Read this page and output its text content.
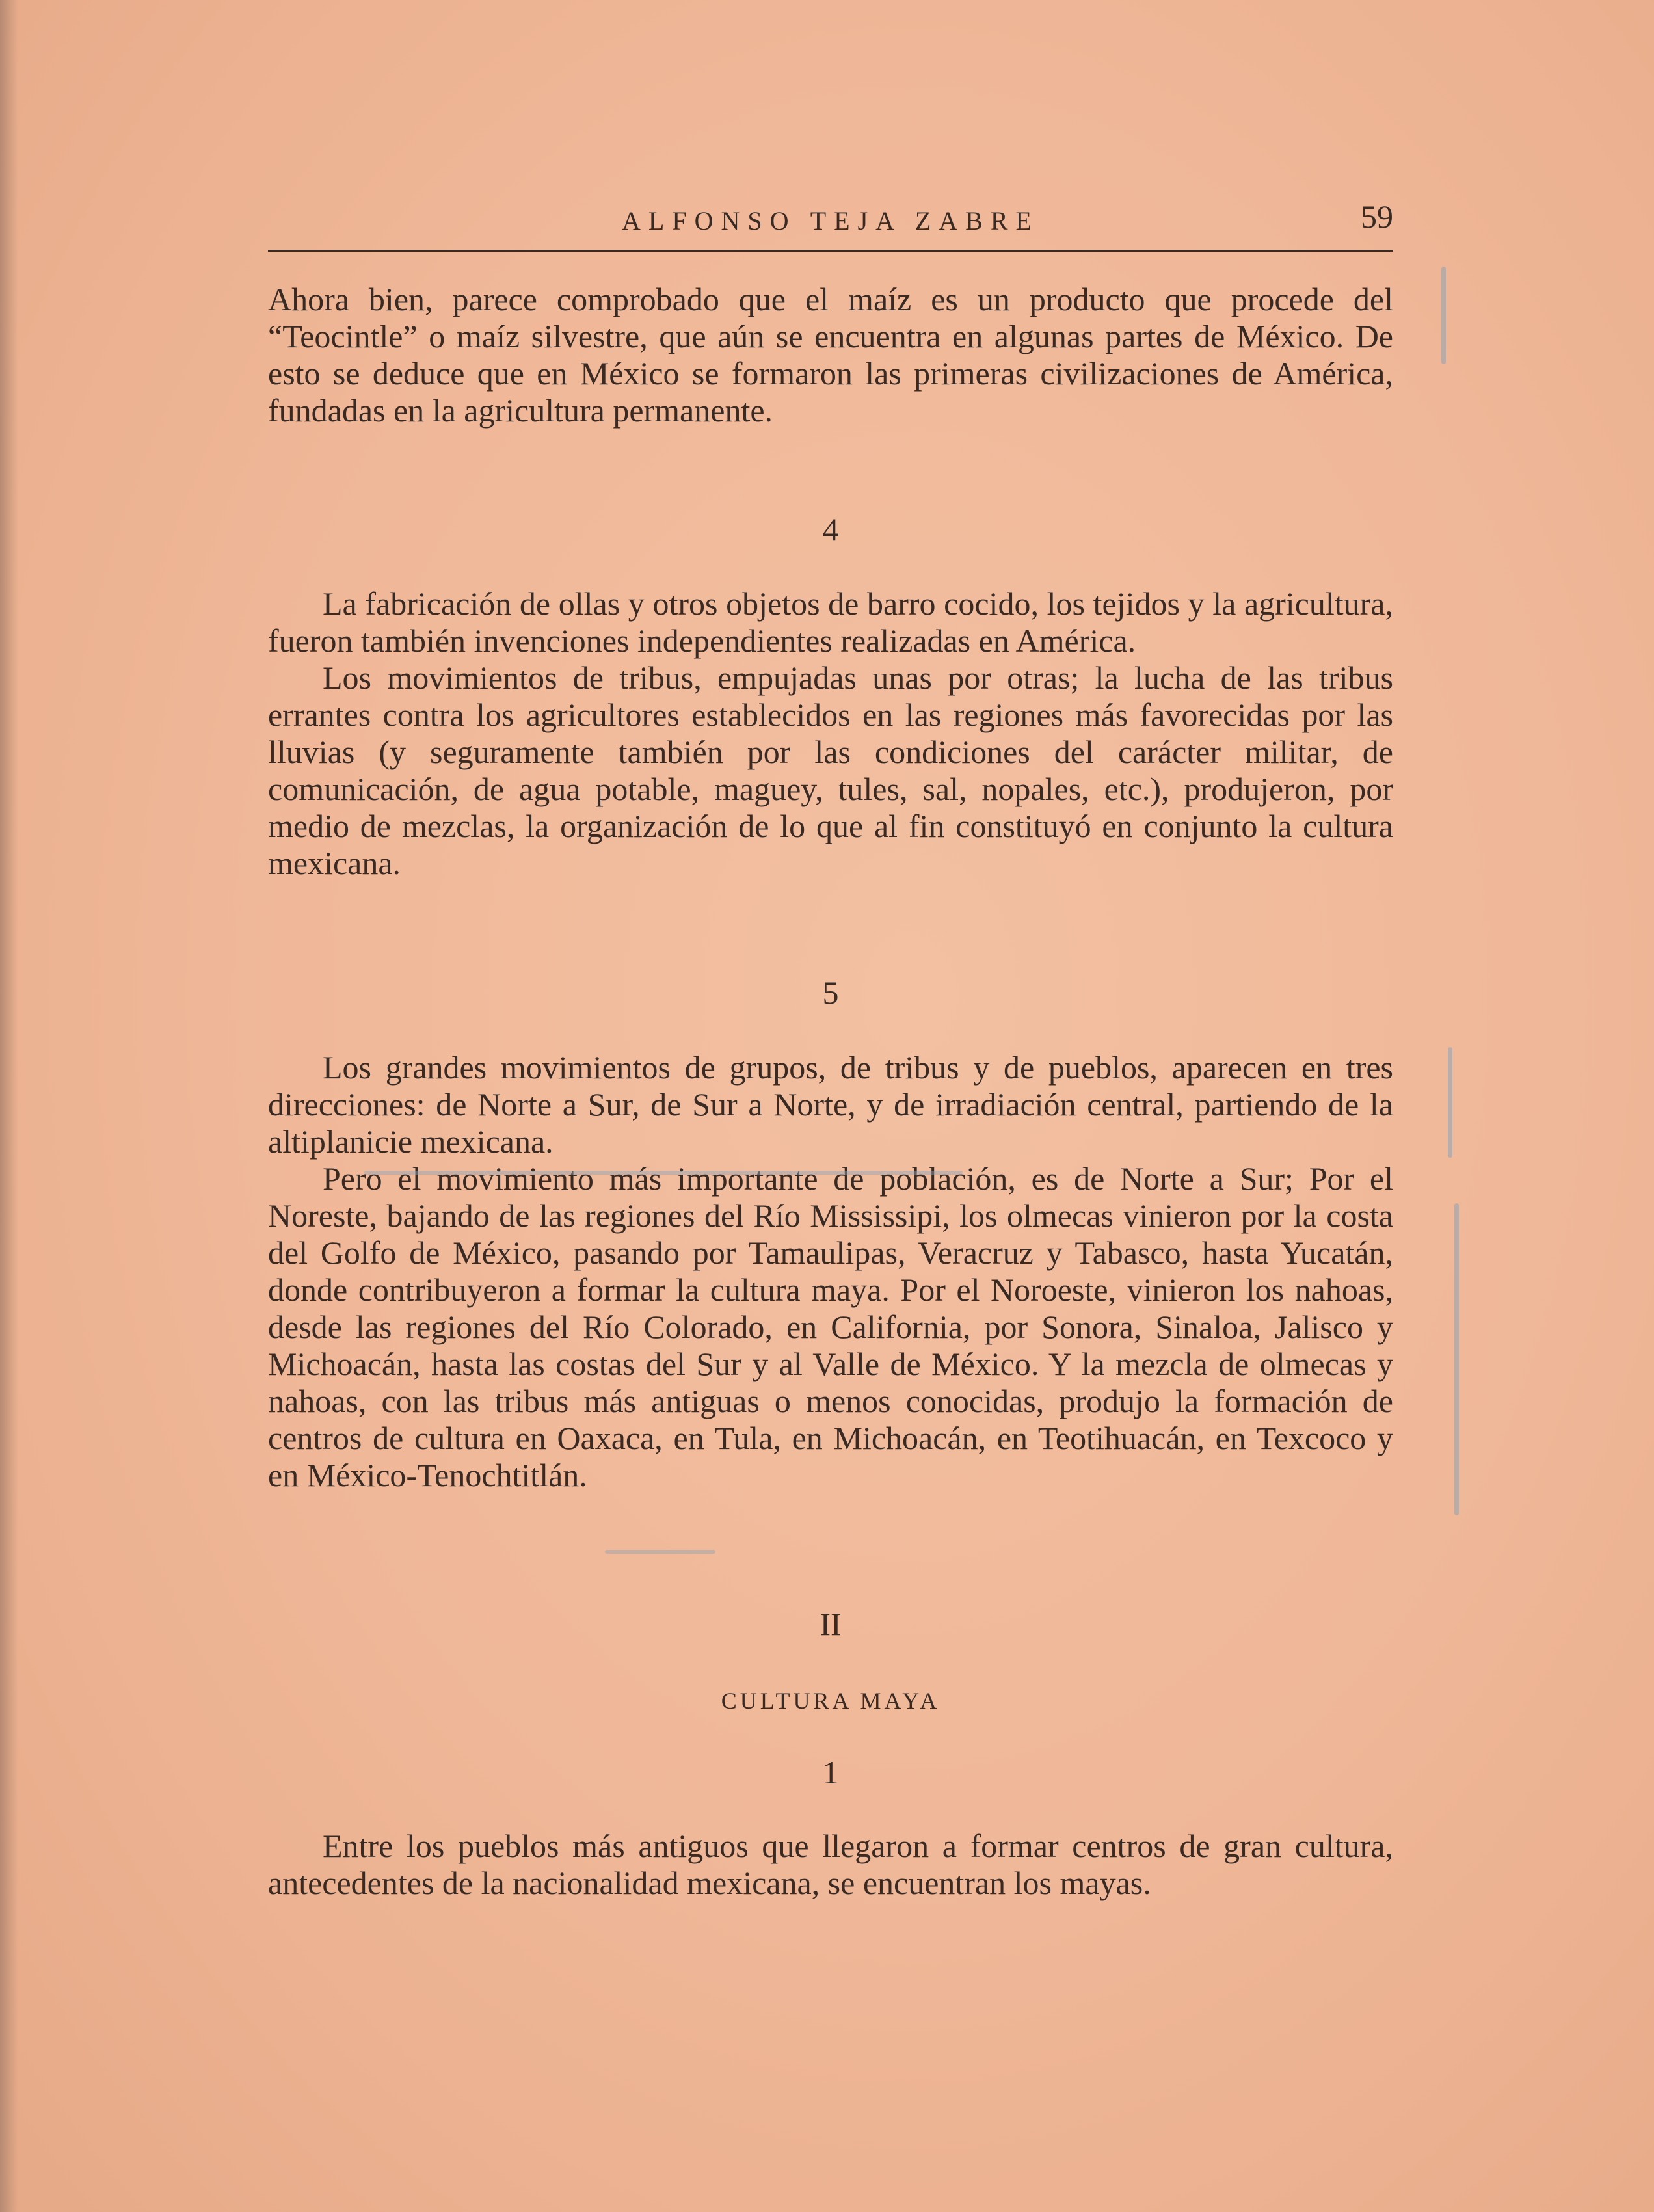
ALFONSO TEJA ZABRE	59

Ahora bien, parece comprobado que el maíz es un producto que procede del “Teocintle” o maíz silvestre, que aún se encuentra en algunas partes de México. De esto se deduce que en México se formaron las primeras civilizaciones de América, fundadas en la agricultura permanente.

4

La fabricación de ollas y otros objetos de barro cocido, los tejidos y la agricultura, fueron también invenciones independientes realizadas en América.

Los movimientos de tribus, empujadas unas por otras; la lucha de las tribus errantes contra los agricultores establecidos en las regiones más favorecidas por las lluvias (y seguramente también por las condiciones del carácter militar, de comunicación, de agua potable, maguey, tules, sal, nopales, etc.), produjeron, por medio de mezclas, la organización de lo que al fin constituyó en conjunto la cultura mexicana.

5

Los grandes movimientos de grupos, de tribus y de pueblos, aparecen en tres direcciones: de Norte a Sur, de Sur a Norte, y de irradiación central, partiendo de la altiplanicie mexicana.

Pero el movimiento más importante de población, es de Norte a Sur; Por el Noreste, bajando de las regiones del Río Mississipi, los olmecas vinieron por la costa del Golfo de México, pasando por Tamaulipas, Veracruz y Tabasco, hasta Yucatán, donde contribuyeron a formar la cultura maya. Por el Noroeste, vinieron los nahoas, desde las regiones del Río Colorado, en California, por Sonora, Sinaloa, Jalisco y Michoacán, hasta las costas del Sur y al Valle de México. Y la mezcla de olmecas y nahoas, con las tribus más antiguas o menos conocidas, produjo la formación de centros de cultura en Oaxaca, en Tula, en Michoacán, en Teotihuacán, en Texcoco y en México-Tenochtitlán.

II
CULTURA MAYA
1

Entre los pueblos más antiguos que llegaron a formar centros de gran cultura, antecedentes de la nacionalidad mexicana, se encuentran los mayas.
